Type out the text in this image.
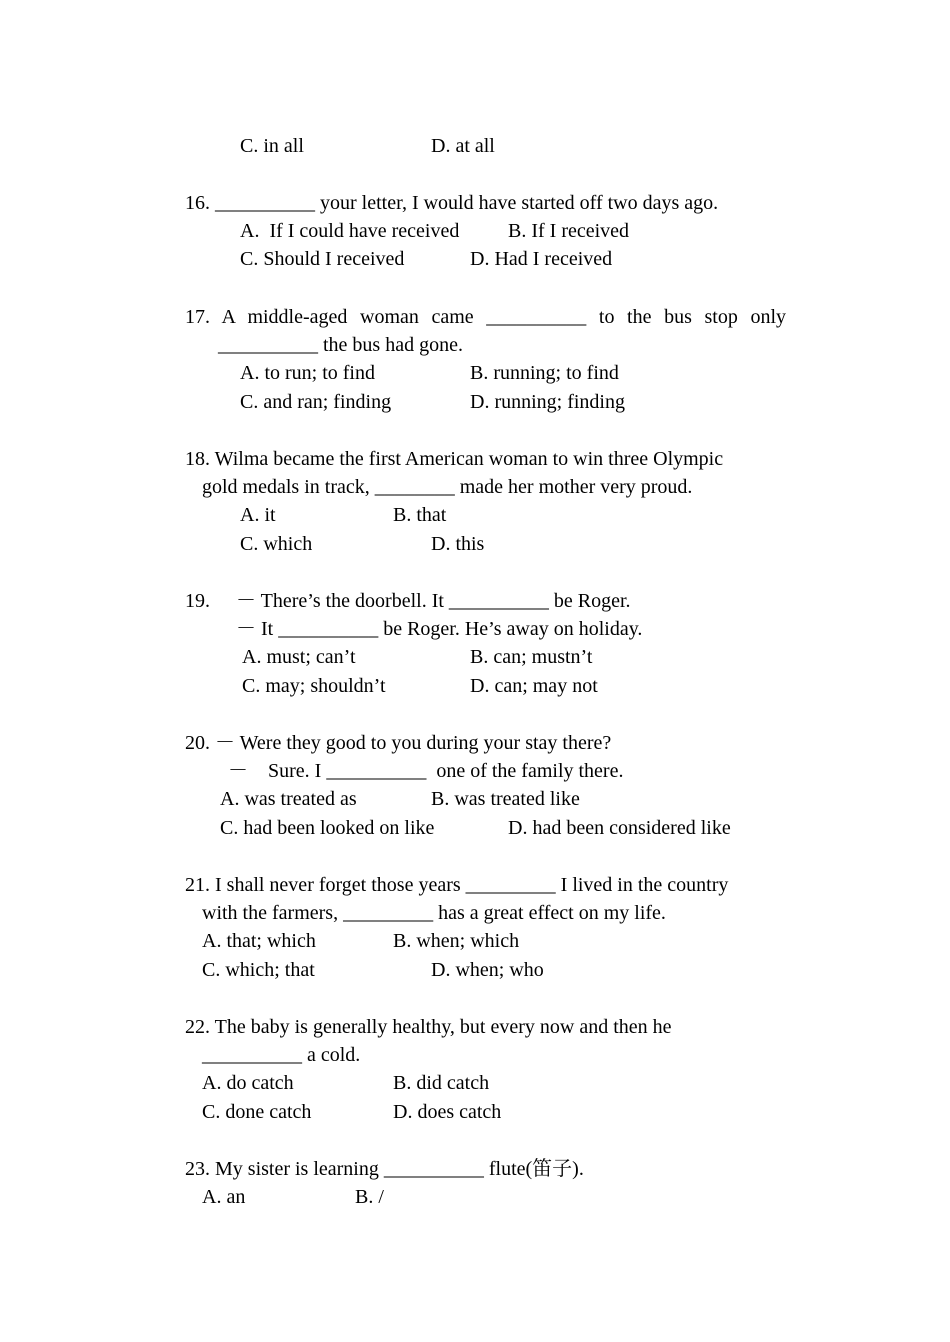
C. in all	D. at all
16. __________ your letter, I would have started off two days ago.
A.  If I could have received B. If I received
C. Should I received	D. Had I received
17. A middle-aged woman came __________ to the bus stop only
__________ the bus had gone.
A. to run; to find	B. running; to find
C. and ran; finding	D. running; finding
18. Wilma became the first American woman to win three Olympic
gold medals in track, ________ made her mother very proud.
A. it	B. that
C. which	D. this
19. － There’s the doorbell. It __________ be Roger.
－ It __________ be Roger. He’s away on holiday.
A. must; can’t	B. can; mustn’t
C. may; shouldn’t	D. can; may not
20. － Were they good to you during your stay there?
－ Sure. I __________  one of the family there.
A. was treated as	B. was treated like
C. had been looked on like	D. had been considered like
21. I shall never forget those years _________ I lived in the country
with the farmers, _________ has a great effect on my life.
A. that; which	B. when; which
C. which; that	D. when; who
22. The baby is generally healthy, but every now and then he
__________ a cold.
A. do catch	B. did catch
C. done catch	D. does catch
23. My sister is learning __________ flute(笛子).
A. an	B. /
